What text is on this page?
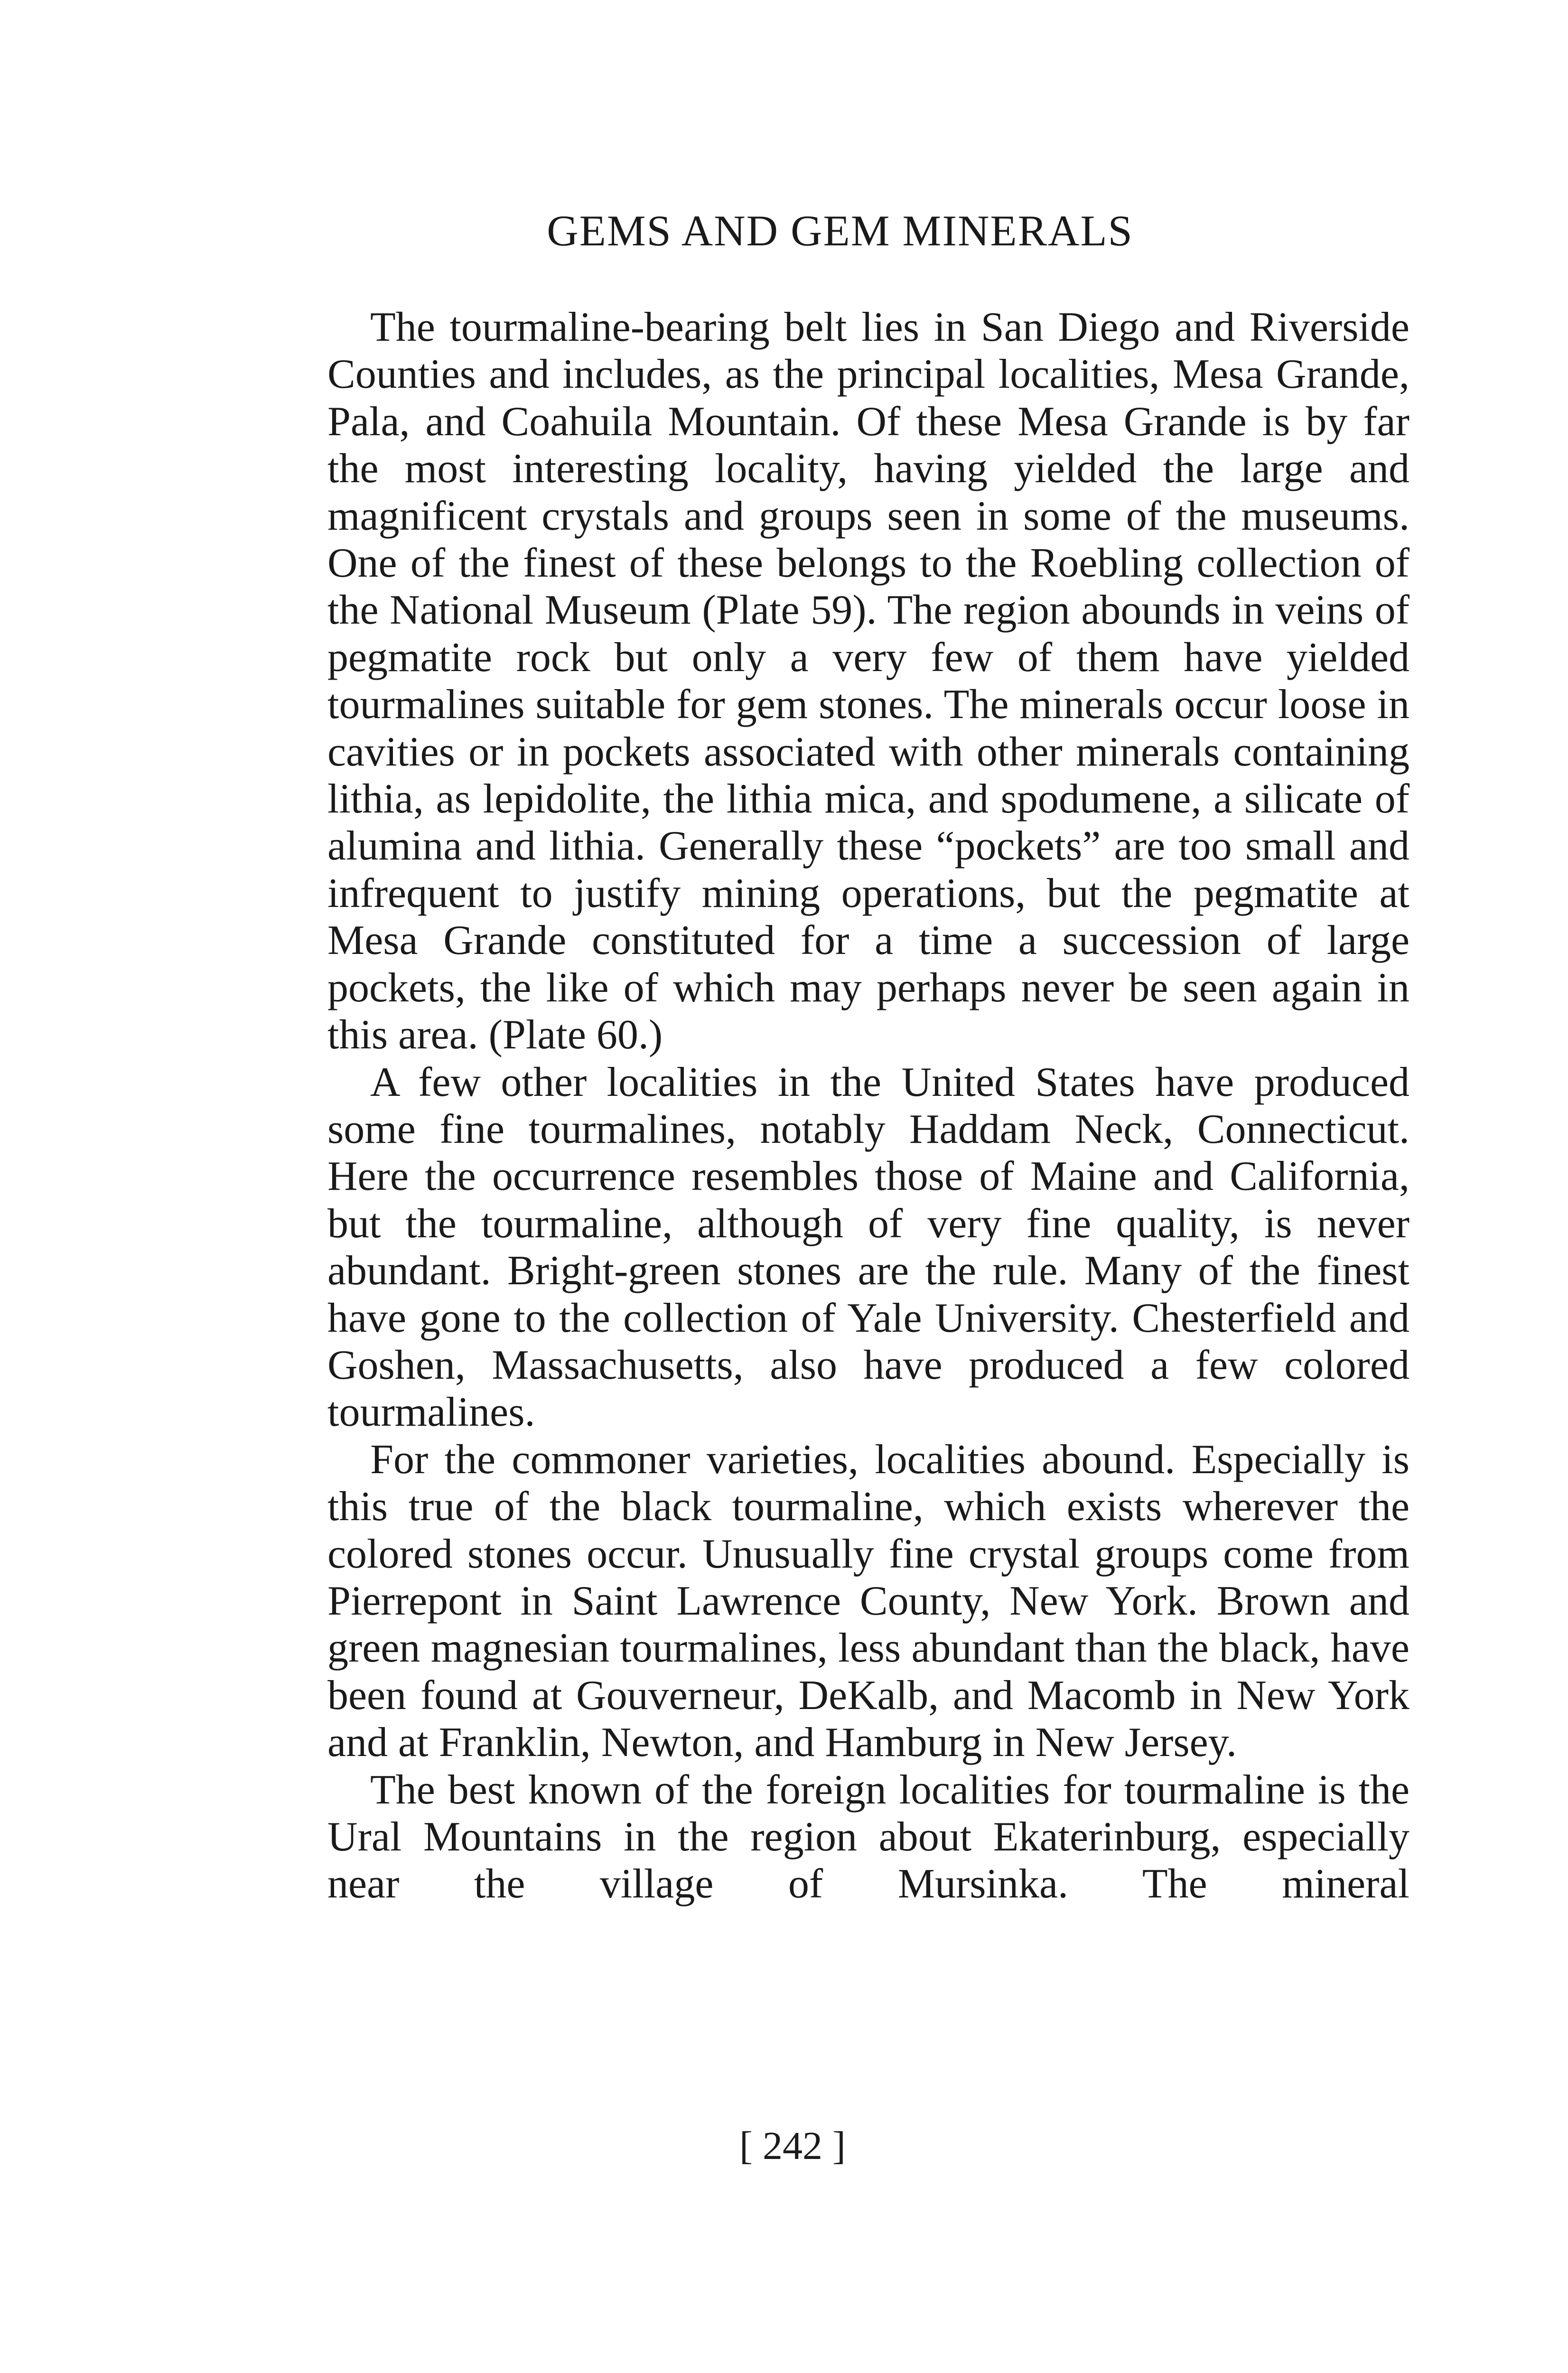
GEMS AND GEM MINERALS

The tourmaline-bearing belt lies in San Diego and Riverside Counties and includes, as the principal localities, Mesa Grande, Pala, and Coahuila Mountain. Of these Mesa Grande is by far the most interesting locality, having yielded the large and magnificent crystals and groups seen in some of the museums. One of the finest of these belongs to the Roebling collection of the National Museum (Plate 59). The region abounds in veins of pegmatite rock but only a very few of them have yielded tourmalines suitable for gem stones. The minerals occur loose in cavities or in pockets associated with other minerals containing lithia, as lepidolite, the lithia mica, and spodumene, a silicate of alumina and lithia. Generally these “pockets” are too small and infrequent to justify mining operations, but the pegmatite at Mesa Grande constituted for a time a succession of large pockets, the like of which may perhaps never be seen again in this area. (Plate 60.)

A few other localities in the United States have produced some fine tourmalines, notably Haddam Neck, Connecticut. Here the occurrence resembles those of Maine and California, but the tourmaline, although of very fine quality, is never abundant. Bright-green stones are the rule. Many of the finest have gone to the collection of Yale University. Chesterfield and Goshen, Massachusetts, also have produced a few colored tourmalines.

For the commoner varieties, localities abound. Especially is this true of the black tourmaline, which exists wherever the colored stones occur. Unusually fine crystal groups come from Pierrepont in Saint Lawrence County, New York. Brown and green magnesian tourmalines, less abundant than the black, have been found at Gouverneur, DeKalb, and Macomb in New York and at Franklin, Newton, and Hamburg in New Jersey.

The best known of the foreign localities for tourmaline is the Ural Mountains in the region about Ekaterinburg, especially near the village of Mursinka. The mineral

[ 242 ]
